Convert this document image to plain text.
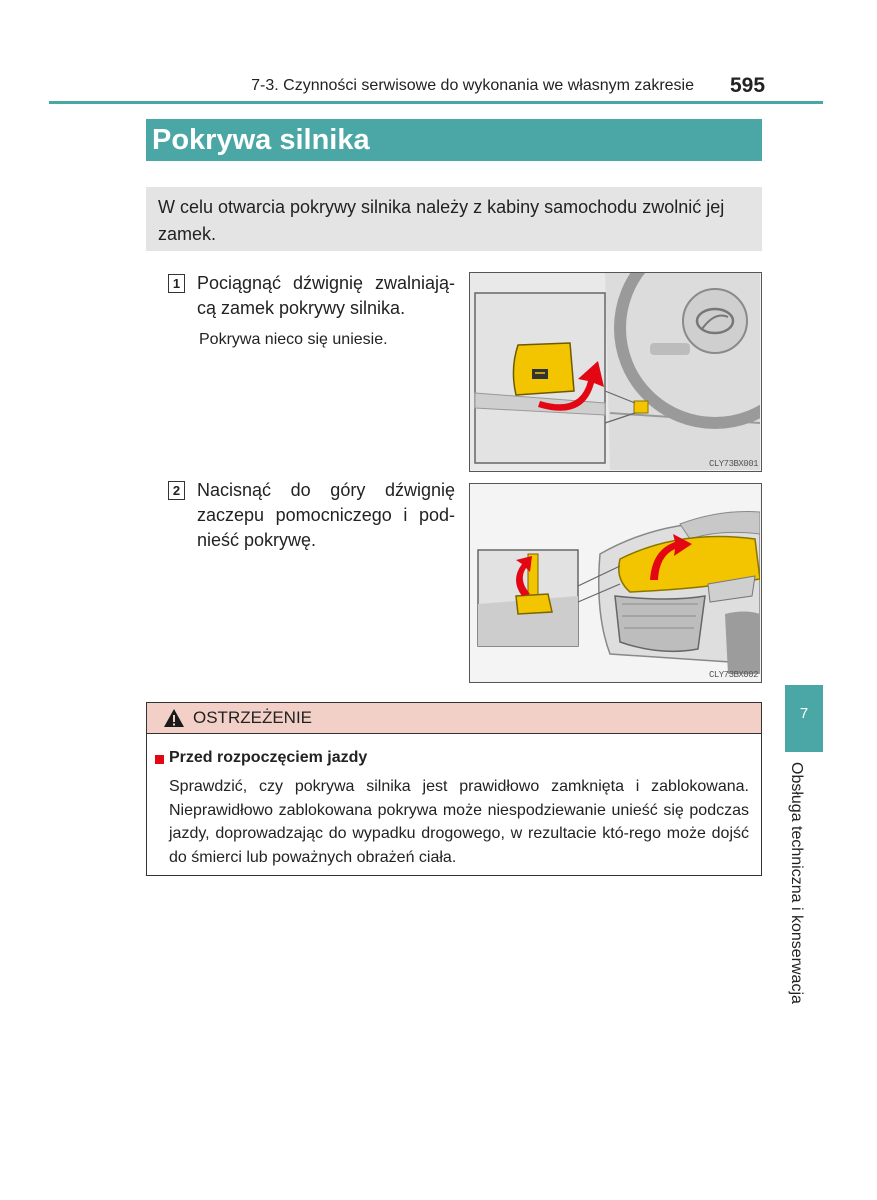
7-3. Czynności serwisowe do wykonania we własnym zakresie 595
Pokrywa silnika
W celu otwarcia pokrywy silnika należy z kabiny samochodu zwolnić jej zamek.
1 Pociągnąć dźwignię zwalniają-cą zamek pokrywy silnika.
Pokrywa nieco się uniesie.
CLY73BX001
2 Nacisnąć do góry dźwignię zaczepu pomocniczego i pod-nieść pokrywę.
CLY73BX002
OSTRZEŻENIE
Przed rozpoczęciem jazdy
Sprawdzić, czy pokrywa silnika jest prawidłowo zamknięta i zablokowana. Nieprawidłowo zablokowana pokrywa może niespodziewanie unieść się podczas jazdy, doprowadzając do wypadku drogowego, w rezultacie któ-rego może dojść do śmierci lub poważnych obrażeń ciała.
7
Obsługa techniczna i konserwacja
